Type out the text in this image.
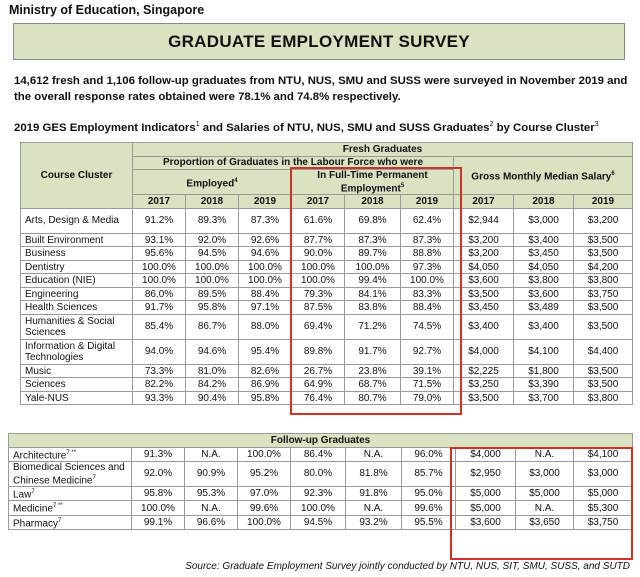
Ministry of Education, Singapore
GRADUATE EMPLOYMENT SURVEY
14,612 fresh and 1,106 follow-up graduates from NTU, NUS, SMU and SUSS were surveyed in November 2019 and the overall response rates obtained were 78.1% and 74.8% respectively.
2019 GES Employment Indicators$^1$ and Salaries of NTU, NUS, SMU and SUSS Graduates$^2$ by Course Cluster$^3$
Course Cluster	Fresh Graduates								
	Proportion of Graduates in the Labour Force who were						Gross Monthly Median Salary$^6$
	Employed$^4$			In Full-Time Permanent Employment$^5$
	2017	2018	2019	2017	2018	2019	2017	2018	2019
Arts, Design & Media	91.2%	89.3%	87.3%	61.6%	69.8%	62.4%	$2,944	$3,000	$3,200
Built Environment	93.1%	92.0%	92.6%	87.7%	87.3%	87.3%	$3,200	$3,400	$3,500
Business	95.6%	94.5%	94.6%	90.0%	89.7%	88.8%	$3,200	$3,450	$3,500
Dentistry	100.0%	100.0%	100.0%	100.0%	100.0%	97.3%	$4,050	$4,050	$4,200
Education (NIE)	100.0%	100.0%	100.0%	100.0%	99.4%	100.0%	$3,600	$3,800	$3,800
Engineering	86.0%	89.5%	88.4%	79.3%	84.1%	83.3%	$3,500	$3,600	$3,750
Health Sciences	91.7%	95.8%	97.1%	87.5%	83.8%	88.4%	$3,450	$3,489	$3,500
Humanities & Social Sciences	85.4%	86.7%	88.0%	69.4%	71.2%	74.5%	$3,400	$3,400	$3,500
Information & Digital Technologies	94.0%	94.6%	95.4%	89.8%	91.7%	92.7%	$4,000	$4,100	$4,400
Music	73.3%	81.0%	82.6%	26.7%	23.8%	39.1%	$2,225	$1,800	$3,500
Sciences	82.2%	84.2%	86.9%	64.9%	68.7%	71.5%	$3,250	$3,390	$3,500
Yale-NUS	93.3%	90.4%	95.8%	76.4%	80.7%	79.0%	$3,500	$3,700	$3,800
Follow-up Graduates									
Architecture$^{7 **}$	91.3%	N.A.	100.0%	86.4%	N.A.	96.0%	$4,000	N.A.	$4,100
Biomedical Sciences and Chinese Medicine$^7$	92.0%	90.9%	95.2%	80.0%	81.8%	85.7%	$2,950	$3,000	$3,000
Law$^7$	95.8%	95.3%	97.0%	92.3%	91.8%	95.0%	$5,000	$5,000	$5,000
Medicine$^{7 **}$	100.0%	N.A.	99.6%	100.0%	N.A.	99.6%	$5,000	N.A.	$5,300
Pharmacy$^7$	99.1%	96.6%	100.0%	94.5%	93.2%	95.5%	$3,600	$3,650	$3,750
Source: Graduate Employment Survey jointly conducted by NTU, NUS, SIT, SMU, SUSS, and SUTD
